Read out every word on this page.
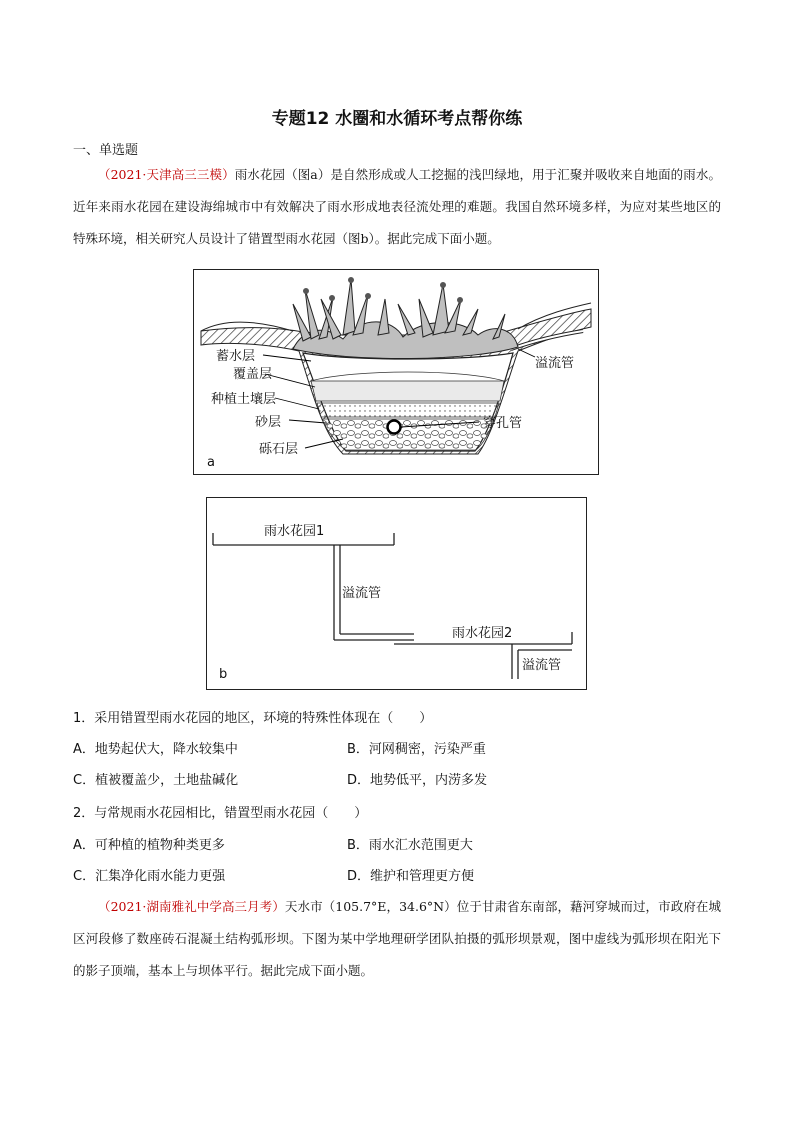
专题12 水圈和水循环考点帮你练
一、单选题

（2021·天津高三三模）雨水花园（图a）是自然形成或人工挖掘的浅凹绿地，用于汇聚并吸收来自地面的雨水。近年来雨水花园在建设海绵城市中有效解决了雨水形成地表径流处理的难题。我国自然环境多样，为应对某些地区的特殊环境，相关研究人员设计了错置型雨水花园（图b）。据此完成下面小题。

蓄水层
覆盖层
种植土壤层
砂层
砾石层
溢流管
穿孔管
a
雨水花园1
溢流管
雨水花园2
溢流管
b
1．采用错置型雨水花园的地区，环境的特殊性体现在（　　）
A．地势起伏大，降水较集中	B．河网稠密，污染严重
C．植被覆盖少，土地盐碱化	D．地势低平，内涝多发
2．与常规雨水花园相比，错置型雨水花园（　　）
A．可种植的植物种类更多	B．雨水汇水范围更大
C．汇集净化雨水能力更强	D．维护和管理更方便

（2021·湖南雅礼中学高三月考）天水市（105.7°E，34.6°N）位于甘肃省东南部，藉河穿城而过，市政府在城区河段修了数座砖石混凝土结构弧形坝。下图为某中学地理研学团队拍摄的弧形坝景观，图中虚线为弧形坝在阳光下的影子顶端，基本上与坝体平行。据此完成下面小题。
